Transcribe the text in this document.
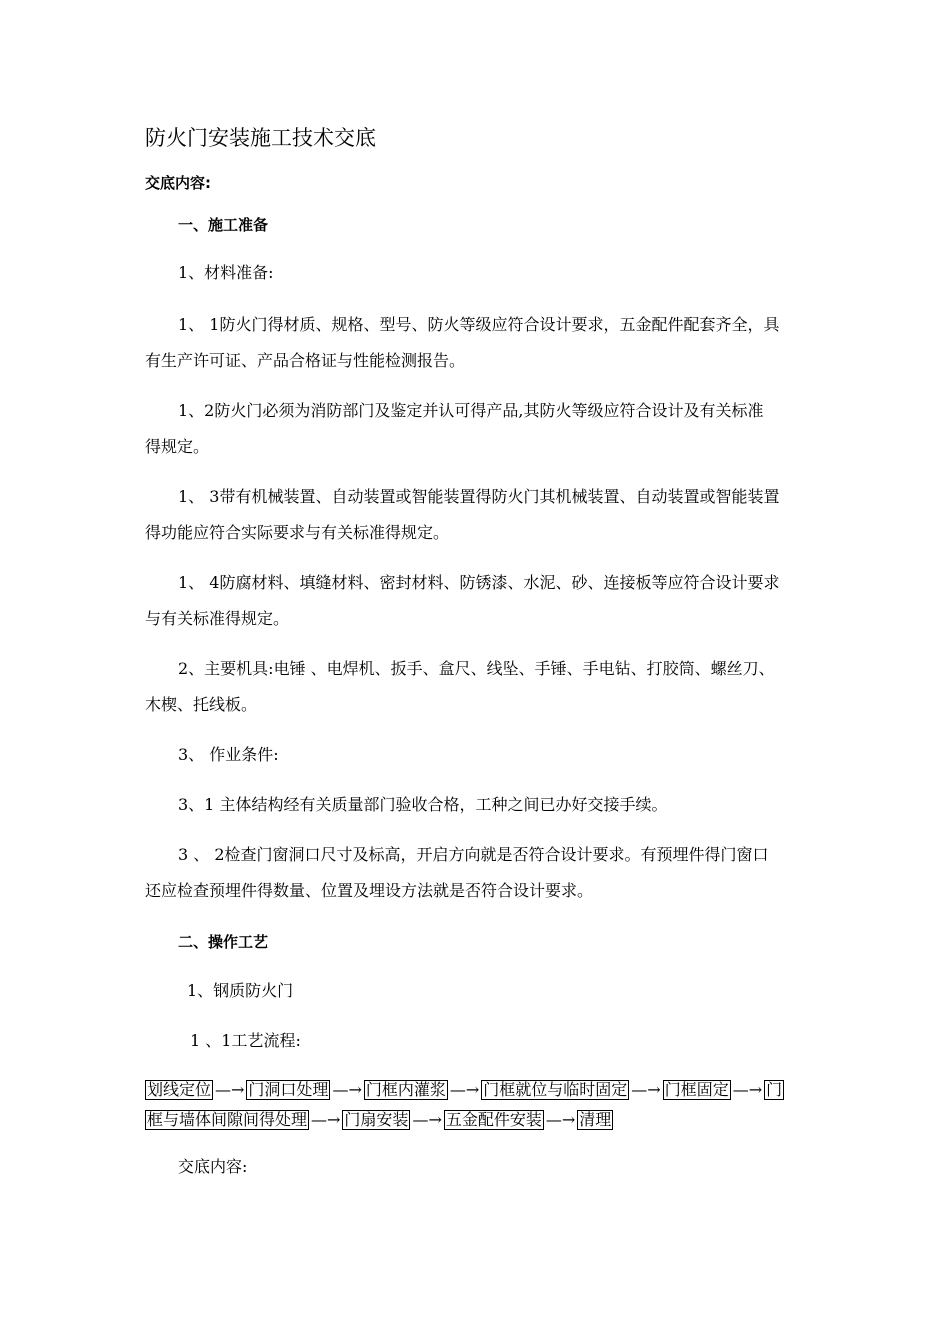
防火门安装施工技术交底
交底内容:
一、施工准备
1、材料准备:
1、 1防火门得材质、规格、型号、防火等级应符合设计要求，五金配件配套齐全，具
有生产许可证、产品合格证与性能检测报告。
1、2防火门必须为消防部门及鉴定并认可得产品,其防火等级应符合设计及有关标准
得规定。
1、 3带有机械装置、自动装置或智能装置得防火门其机械装置、自动装置或智能装置
得功能应符合实际要求与有关标准得规定。
1、 4防腐材料、填缝材料、密封材料、防锈漆、水泥、砂、连接板等应符合设计要求
与有关标准得规定。
2、主要机具:电锤 、电焊机、扳手、盒尺、线坠、手锤、手电钻、打胶筒、螺丝刀、
木楔、托线板。
3、 作业条件:
3、1 主体结构经有关质量部门验收合格，工种之间已办好交接手续。
3 、 2检查门窗洞口尺寸及标高，开启方向就是否符合设计要求。有预埋件得门窗口
还应检查预埋件得数量、位置及埋设方法就是否符合设计要求。
二、操作工艺
1、钢质防火门
1 、1工艺流程:
划线定位 —→ 门洞口处理 —→ 门框内灌浆 —→ 门框就位与临时固定 —→ 门框固定 —→ 门
框与墙体间隙间得处理 —→ 门扇安装 —→ 五金配件安装 —→ 清理
交底内容:
